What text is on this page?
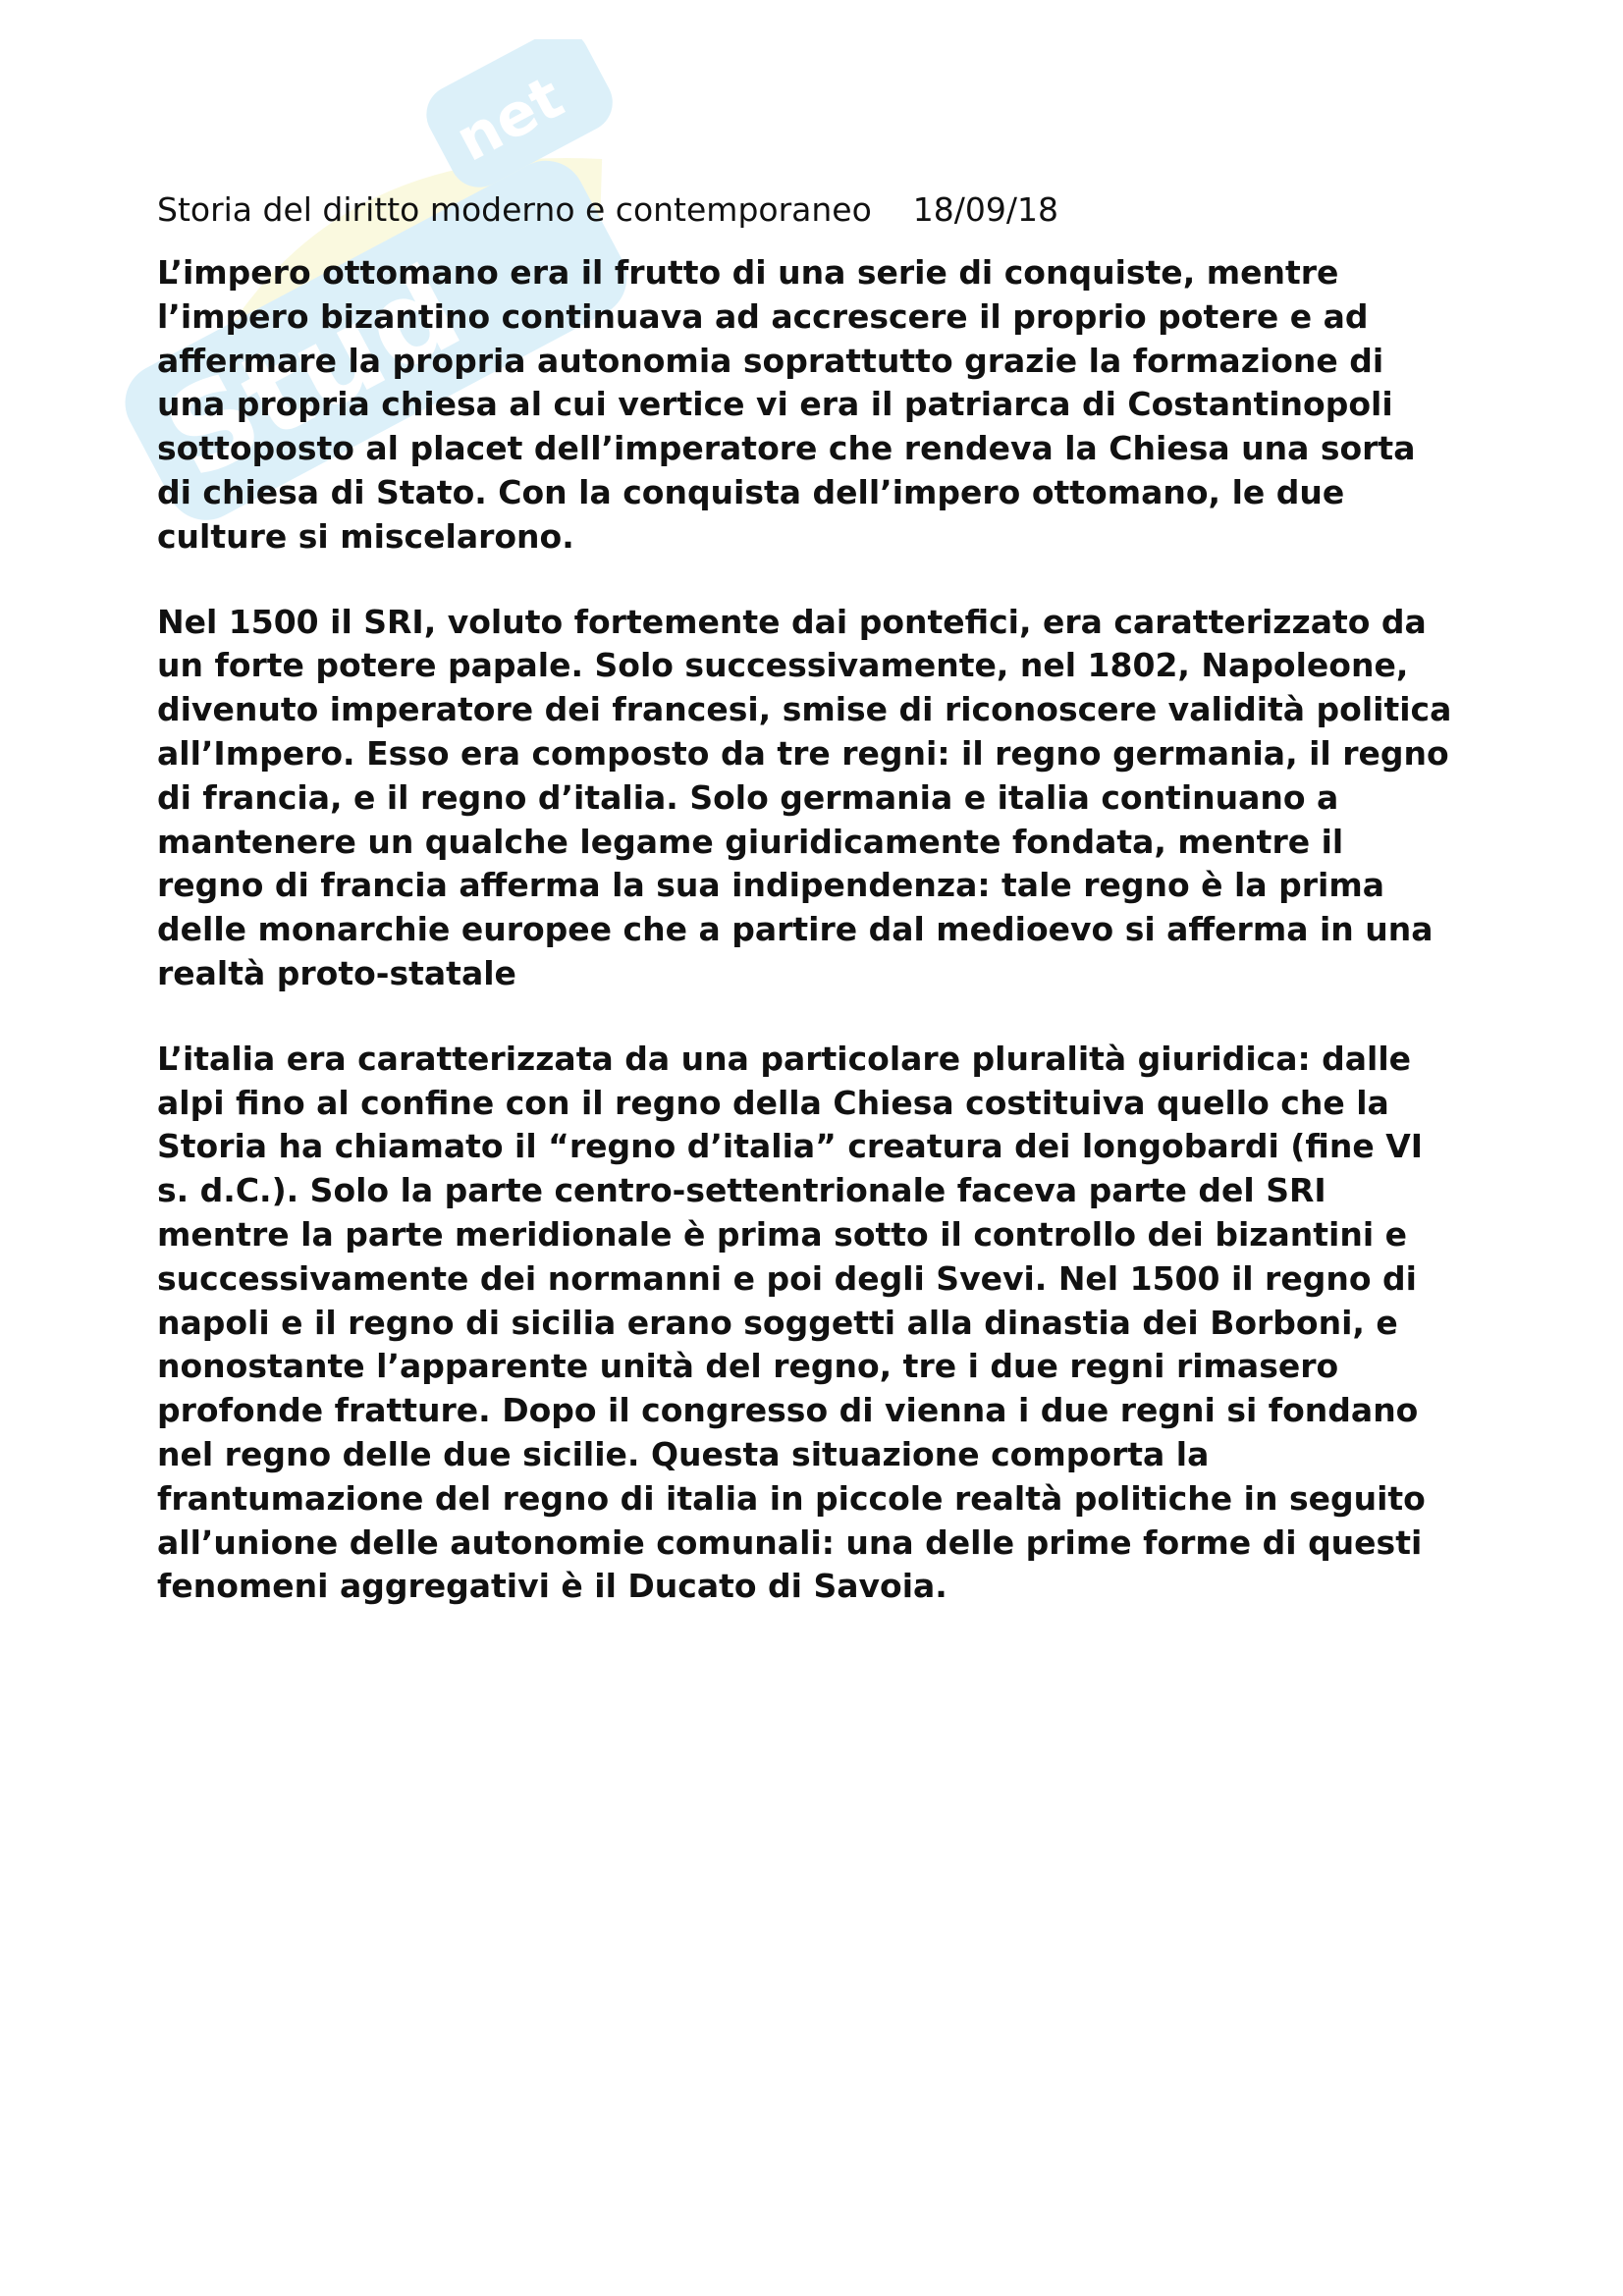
Stud
net
Storia del diritto moderno e contemporaneo 18/09/18

L’impero ottomano era il frutto di una serie di conquiste, mentre
l’impero bizantino continuava ad accrescere il proprio potere e ad
affermare la propria autonomia soprattutto grazie la formazione di
una propria chiesa al cui vertice vi era il patriarca di Costantinopoli
sottoposto al placet dell’imperatore che rendeva la Chiesa una sorta
di chiesa di Stato. Con la conquista dell’impero ottomano, le due
culture si miscelarono.

Nel 1500 il SRI, voluto fortemente dai pontefici, era caratterizzato da
un forte potere papale. Solo successivamente, nel 1802, Napoleone,
divenuto imperatore dei francesi, smise di riconoscere validità politica
all’Impero. Esso era composto da tre regni: il regno germania, il regno
di francia, e il regno d’italia. Solo germania e italia continuano a
mantenere un qualche legame giuridicamente fondata, mentre il
regno di francia afferma la sua indipendenza: tale regno è la prima
delle monarchie europee che a partire dal medioevo si afferma in una
realtà proto-statale

L’italia era caratterizzata da una particolare pluralità giuridica: dalle
alpi fino al confine con il regno della Chiesa costituiva quello che la
Storia ha chiamato il “regno d’italia” creatura dei longobardi (fine VI
s. d.C.). Solo la parte centro-settentrionale faceva parte del SRI
mentre la parte meridionale è prima sotto il controllo dei bizantini e
successivamente dei normanni e poi degli Svevi. Nel 1500 il regno di
napoli e il regno di sicilia erano soggetti alla dinastia dei Borboni, e
nonostante l’apparente unità del regno, tre i due regni rimasero
profonde fratture. Dopo il congresso di vienna i due regni si fondano
nel regno delle due sicilie. Questa situazione comporta la
frantumazione del regno di italia in piccole realtà politiche in seguito
all’unione delle autonomie comunali: una delle prime forme di questi
fenomeni aggregativi è il Ducato di Savoia.
